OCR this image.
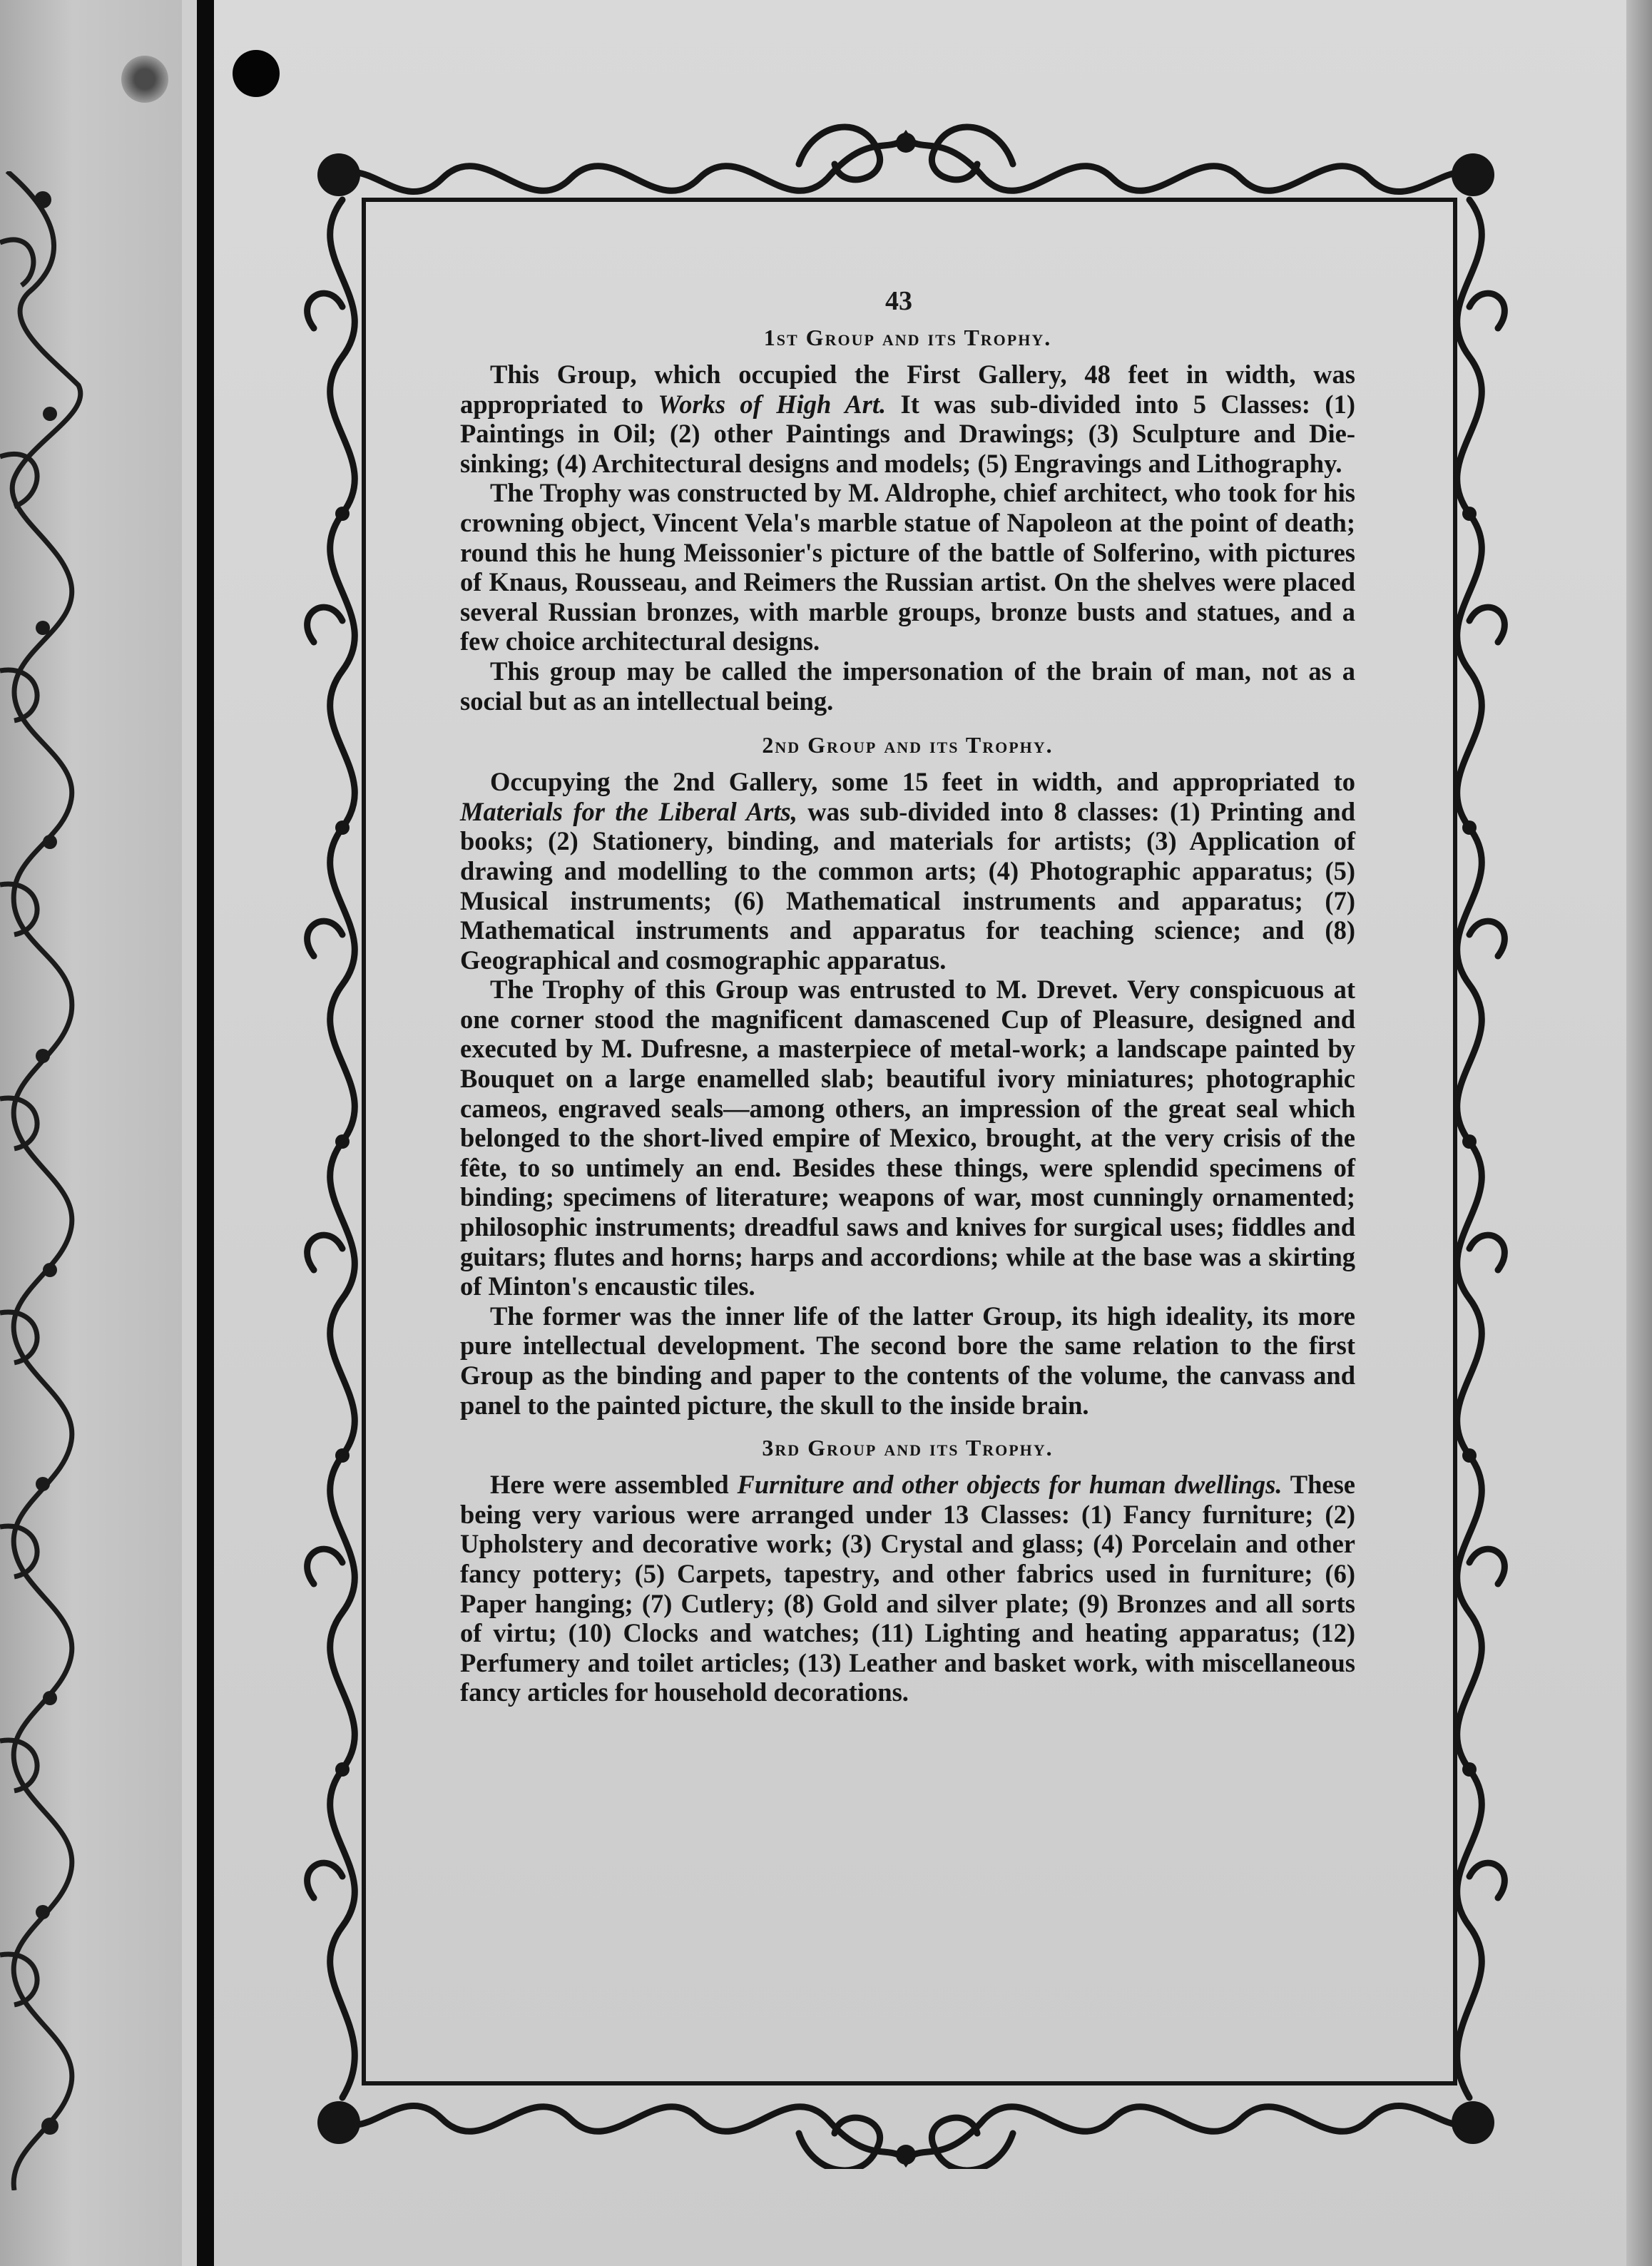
43
1st Group and its Trophy.

This Group, which occupied the First Gallery, 48 feet in width, was appropriated to Works of High Art. It was sub-divided into 5 Classes: (1) Paintings in Oil; (2) other Paintings and Drawings; (3) Sculpture and Die-sinking; (4) Architectural designs and models; (5) Engravings and Lithography.

The Trophy was constructed by M. Aldrophe, chief architect, who took for his crowning object, Vincent Vela's marble statue of Napoleon at the point of death; round this he hung Meissonier's picture of the battle of Solferino, with pictures of Knaus, Rousseau, and Reimers the Russian artist. On the shelves were placed several Russian bronzes, with marble groups, bronze busts and statues, and a few choice architectural designs.

This group may be called the impersonation of the brain of man, not as a social but as an intellectual being.

2nd Group and its Trophy.

Occupying the 2nd Gallery, some 15 feet in width, and appropriated to Materials for the Liberal Arts, was sub-divided into 8 classes: (1) Printing and books; (2) Stationery, binding, and materials for artists; (3) Application of drawing and modelling to the common arts; (4) Photographic apparatus; (5) Musical instruments; (6) Mathematical instruments and apparatus; (7) Mathematical instruments and apparatus for teaching science; and (8) Geographical and cosmographic apparatus.

The Trophy of this Group was entrusted to M. Drevet. Very conspicuous at one corner stood the magnificent damascened Cup of Pleasure, designed and executed by M. Dufresne, a masterpiece of metal-work; a landscape painted by Bouquet on a large enamelled slab; beautiful ivory miniatures; photographic cameos, engraved seals—among others, an impression of the great seal which belonged to the short-lived empire of Mexico, brought, at the very crisis of the fête, to so untimely an end. Besides these things, were splendid specimens of binding; specimens of literature; weapons of war, most cunningly ornamented; philosophic instruments; dreadful saws and knives for surgical uses; fiddles and guitars; flutes and horns; harps and accordions; while at the base was a skirting of Minton's encaustic tiles.

The former was the inner life of the latter Group, its high ideality, its more pure intellectual development. The second bore the same relation to the first Group as the binding and paper to the contents of the volume, the canvass and panel to the painted picture, the skull to the inside brain.

3rd Group and its Trophy.

Here were assembled Furniture and other objects for human dwellings. These being very various were arranged under 13 Classes: (1) Fancy furniture; (2) Upholstery and decorative work; (3) Crystal and glass; (4) Porcelain and other fancy pottery; (5) Carpets, tapestry, and other fabrics used in furniture; (6) Paper hanging; (7) Cutlery; (8) Gold and silver plate; (9) Bronzes and all sorts of virtu; (10) Clocks and watches; (11) Lighting and heating apparatus; (12) Perfumery and toilet articles; (13) Leather and basket work, with miscellaneous fancy articles for household decorations.
